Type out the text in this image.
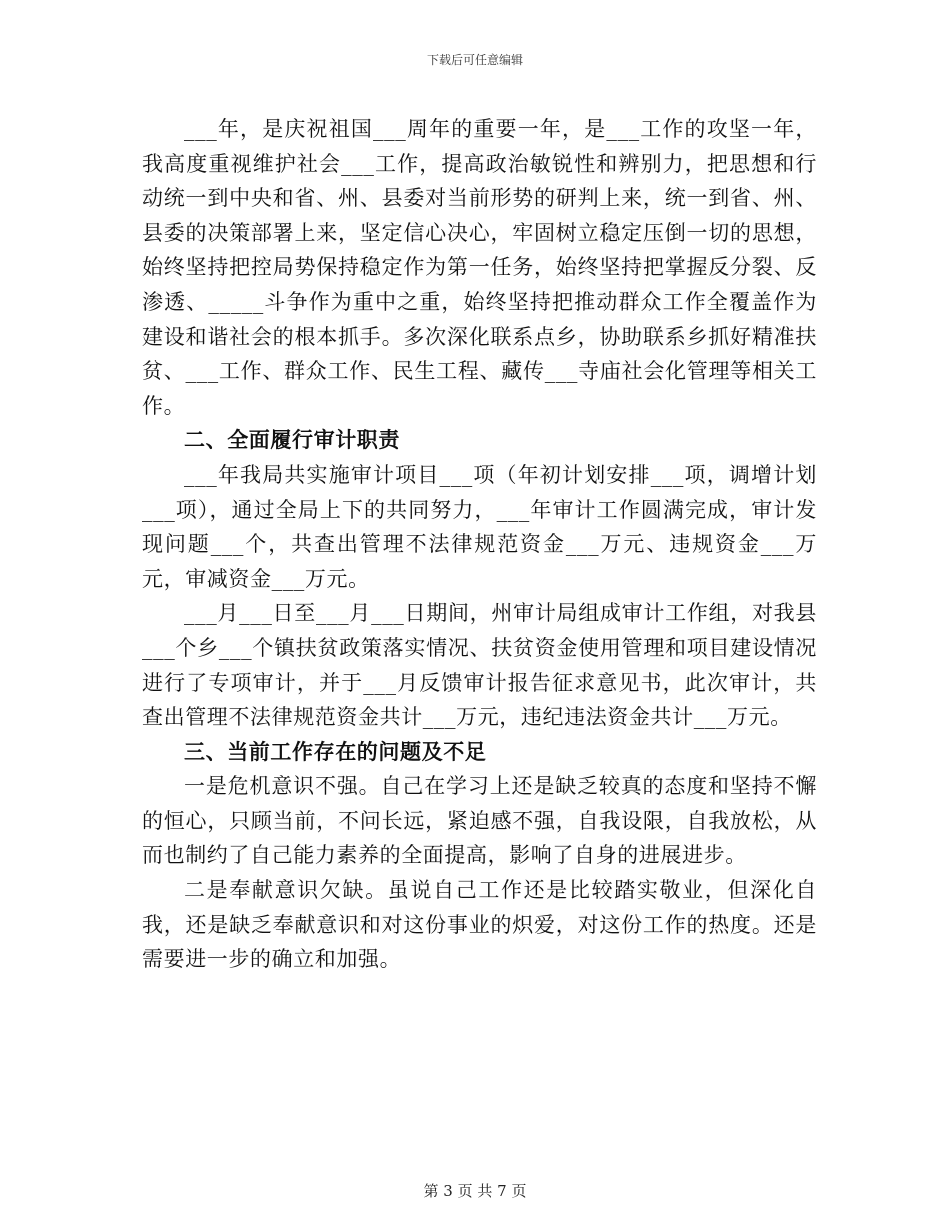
下载后可任意编辑

___年，是庆祝祖国___周年的重要一年，是___工作的攻坚一年，我高度重视维护社会___工作，提高政治敏锐性和辨别力，把思想和行动统一到中央和省、州、县委对当前形势的研判上来，统一到省、州、县委的决策部署上来，坚定信心决心，牢固树立稳定压倒一切的思想，始终坚持把控局势保持稳定作为第一任务，始终坚持把掌握反分裂、反渗透、_____斗争作为重中之重，始终坚持把推动群众工作全覆盖作为建设和谐社会的根本抓手。多次深化联系点乡，协助联系乡抓好精准扶贫、___工作、群众工作、民生工程、藏传___寺庙社会化管理等相关工作。

二、全面履行审计职责

___年我局共实施审计项目___项（年初计划安排___项，调增计划___项），通过全局上下的共同努力，___年审计工作圆满完成，审计发现问题___个，共查出管理不法律规范资金___万元、违规资金___万元，审减资金___万元。

___月___日至___月___日期间，州审计局组成审计工作组，对我县___个乡___个镇扶贫政策落实情况、扶贫资金使用管理和项目建设情况进行了专项审计，并于___月反馈审计报告征求意见书，此次审计，共查出管理不法律规范资金共计___万元，违纪违法资金共计___万元。

三、当前工作存在的问题及不足

一是危机意识不强。自己在学习上还是缺乏较真的态度和坚持不懈的恒心，只顾当前，不问长远，紧迫感不强，自我设限，自我放松，从而也制约了自己能力素养的全面提高，影响了自身的进展进步。

二是奉献意识欠缺。虽说自己工作还是比较踏实敬业，但深化自我，还是缺乏奉献意识和对这份事业的炽爱，对这份工作的热度。还是需要进一步的确立和加强。

第 3 页 共 7 页
